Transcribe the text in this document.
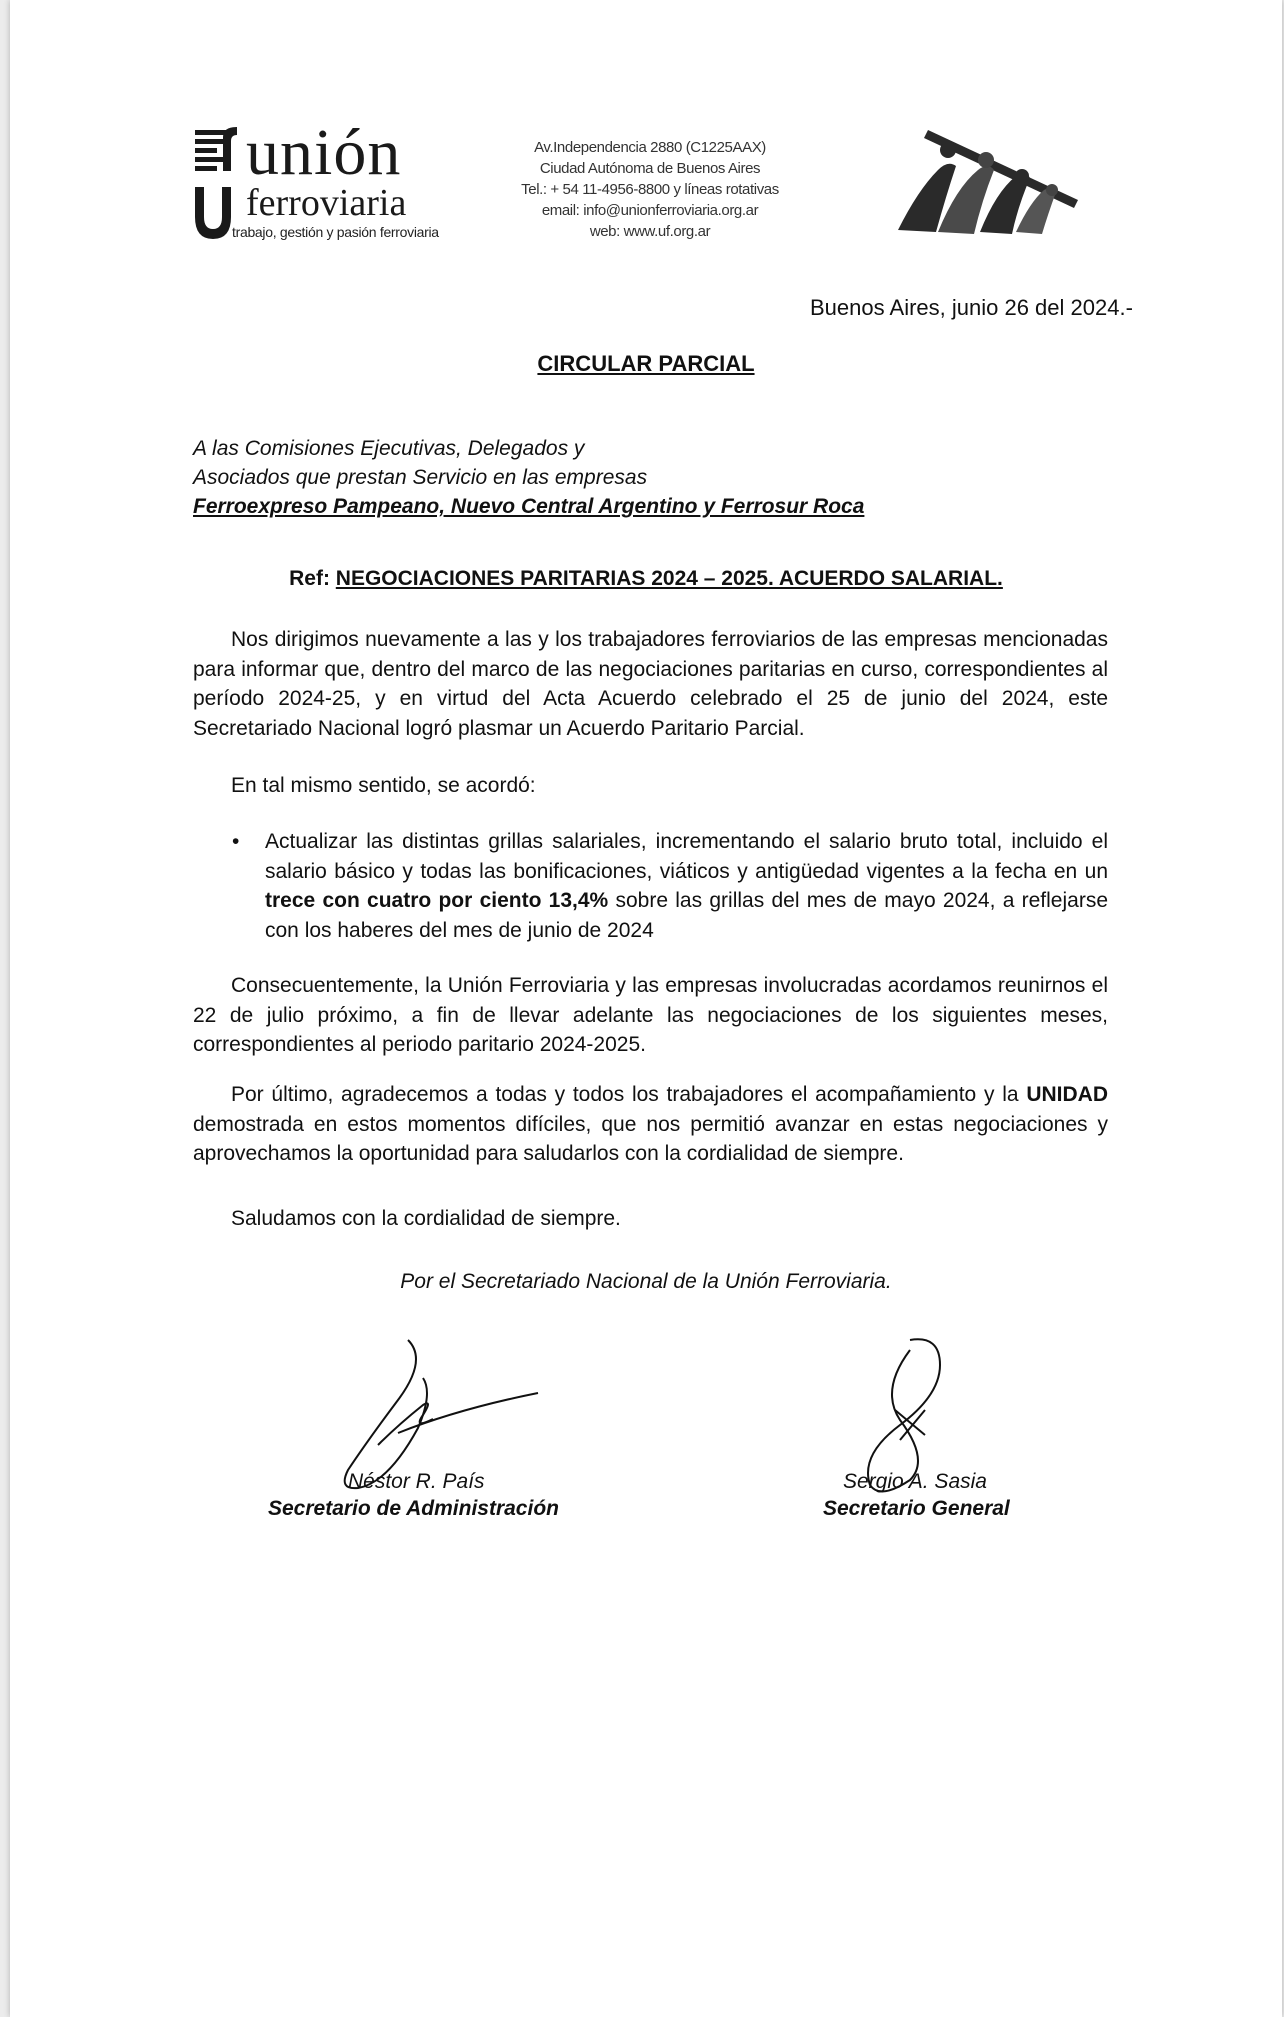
unión
ferroviaria
trabajo, gestión y pasión ferroviaria
Av.Independencia 2880 (C1225AAX)
Ciudad Autónoma de Buenos Aires
Tel.: + 54 11-4956-8800 y líneas rotativas
email: info@unionferroviaria.org.ar
web: www.uf.org.ar
Buenos Aires, junio 26 del 2024.-
CIRCULAR PARCIAL
A las Comisiones Ejecutivas, Delegados y
Asociados que prestan Servicio en las empresas
Ferroexpreso Pampeano, Nuevo Central Argentino y Ferrosur Roca
Ref: NEGOCIACIONES PARITARIAS 2024 – 2025. ACUERDO SALARIAL.
Nos dirigimos nuevamente a las y los trabajadores ferroviarios de las empresas mencionadas para informar que, dentro del marco de las negociaciones paritarias en curso, correspondientes al período 2024-25, y en virtud del Acta Acuerdo celebrado el 25 de junio del 2024, este Secretariado Nacional logró plasmar un Acuerdo Paritario Parcial.
En tal mismo sentido, se acordó:
• Actualizar las distintas grillas salariales, incrementando el salario bruto total, incluido el salario básico y todas las bonificaciones, viáticos y antigüedad vigentes a la fecha en un trece con cuatro por ciento 13,4% sobre las grillas del mes de mayo 2024, a reflejarse con los haberes del mes de junio de 2024
Consecuentemente, la Unión Ferroviaria y las empresas involucradas acordamos reunirnos el 22 de julio próximo, a fin de llevar adelante las negociaciones de los siguientes meses, correspondientes al periodo paritario 2024-2025.
Por último, agradecemos a todas y todos los trabajadores el acompañamiento y la UNIDAD demostrada en estos momentos difíciles, que nos permitió avanzar en estas negociaciones y aprovechamos la oportunidad para saludarlos con la cordialidad de siempre.
Saludamos con la cordialidad de siempre.
Por el Secretariado Nacional de la Unión Ferroviaria.
Néstor R. País
Secretario de Administración
Sergio A. Sasia
Secretario General
